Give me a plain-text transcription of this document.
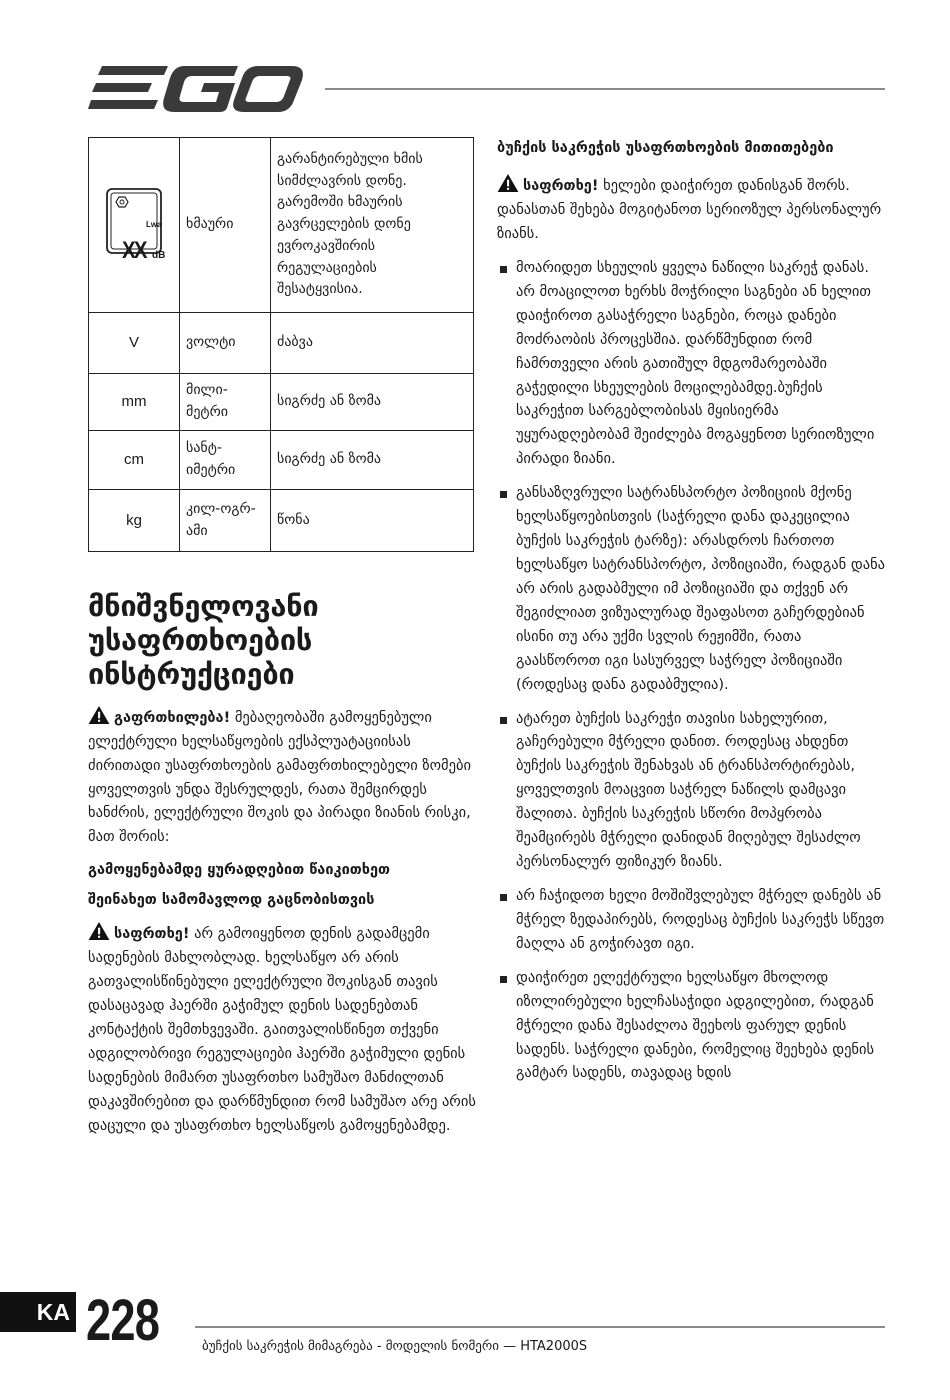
	ხმაური	გარანტირებული ხმის სიმძლავრის დონე. გარემოში ხმაურის გავრცელების დონე ევროკავშირის რეგულაციების შესატყვისია.
V	ვოლტი	ძაბვა
mm	მილი-მეტრი	სიგრძე ან ზომა
cm	სანტ-იმეტრი	სიგრძე ან ზომა
kg	კილ-ოგრ-ამი	წონა
მნიშვნელოვანი უსაფრთხოების ინსტრუქციები

გაფრთხილება! მებაღეობაში გამოყენებული ელექტრული ხელსაწყოების ექსპლუატაციისას ძირითადი უსაფრთხოების გამაფრთხილებელი ზომები ყოველთვის უნდა შესრულდეს, რათა შემცირდეს ხანძრის, ელექტრული შოკის და პირადი ზიანის რისკი, მათ შორის:

გამოყენებამდე ყურადღებით წაიკითხეთ
შეინახეთ სამომავლოდ გაცნობისთვის

საფრთხე! არ გამოიყენოთ დენის გადამცემი სადენების მახლობლად. ხელსაწყო არ არის გათვალისწინებული ელექტრული შოკისგან თავის დასაცავად ჰაერში გაჭიმულ დენის სადენებთან კონტაქტის შემთხვევაში. გაითვალისწინეთ თქვენი ადგილობრივი რეგულაციები ჰაერში გაჭიმული დენის სადენების მიმართ უსაფრთხო სამუშაო მანძილთან დაკავშირებით და დარწმუნდით რომ სამუშაო არე არის დაცული და უსაფრთხო ხელსაწყოს გამოყენებამდე.

Lwa
XX dB
ბუჩქის საკრეჭის უსაფრთხოების მითითებები

საფრთხე! ხელები დაიჭირეთ დანისგან შორს. დანასთან შეხება მოგიტანოთ სერიოზულ პერსონალურ ზიანს.

მოარიდეთ სხეულის ყველა ნაწილი საკრეჭ დანას. არ მოაცილოთ ხერხს მოჭრილი საგნები ან ხელით დაიჭიროთ გასაჭრელი საგნები, როცა დანები მოძრაობის პროცესშია. დარწმუნდით რომ ჩამრთველი არის გათიშულ მდგომარეობაში გაჭედილი სხეულების მოცილებამდე.ბუჩქის საკრეჭით სარგებლობისას მყისიერმა უყურადღებობამ შეიძლება მოგაყენოთ სერიოზული პირადი ზიანი.
განსაზღვრული სატრანსპორტო პოზიციის მქონე ხელსაწყოებისთვის (საჭრელი დანა დაკეცილია ბუჩქის საკრეჭის ტარზე): არასდროს ჩართოთ ხელსაწყო სატრანსპორტო, პოზიციაში, რადგან დანა არ არის გადაბმული იმ პოზიციაში და თქვენ არ შეგიძლიათ ვიზუალურად შეაფასოთ გაჩერდებიან ისინი თუ არა უქმი სვლის რეჟიმში, რათა გაასწოროთ იგი სასურველ საჭრელ პოზიციაში (როდესაც დანა გადაბმულია).
ატარეთ ბუჩქის საკრეჭი თავისი სახელურით, გაჩერებული მჭრელი დანით. როდესაც ახდენთ ბუჩქის საკრეჭის შენახვას ან ტრანსპორტირებას, ყოველთვის მოაცვით საჭრელ ნაწილს დამცავი შალითა. ბუჩქის საკრეჭის სწორი მოპყრობა შეამცირებს მჭრელი დანიდან მიღებულ შესაძლო პერსონალურ ფიზიკურ ზიანს.
არ ჩაჭიდოთ ხელი მოშიშვლებულ მჭრელ დანებს ან მჭრელ ზედაპირებს, როდესაც ბუჩქის საკრეჭს სწევთ მაღლა ან გოჭირავთ იგი.
დაიჭირეთ ელექტრული ხელსაწყო მხოლოდ იზოლირებული ხელჩასაჭიდი ადგილებით, რადგან მჭრელი დანა შესაძლოა შეეხოს ფარულ დენის სადენს. საჭრელი დანები, რომელიც შეეხება დენის გამტარ სადენს, თავადაც ხდის
KA 228	ბუჩქის საკრეჭის მიმაგრება - მოდელის ნომერი — HTA2000S
